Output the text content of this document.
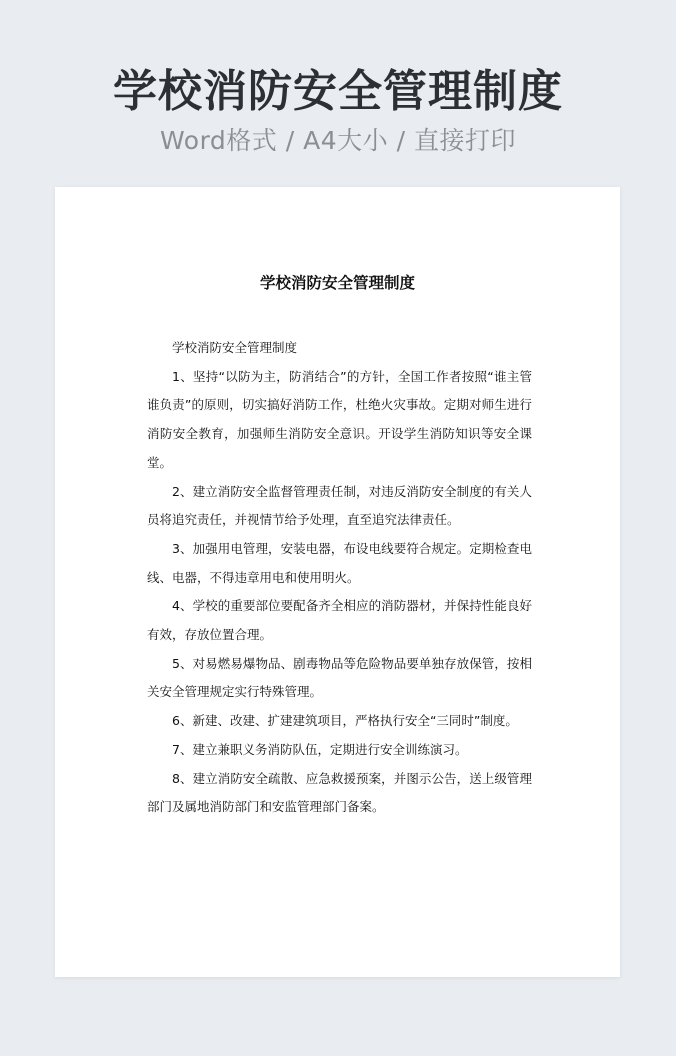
学校消防安全管理制度
Word格式 / A4大小 / 直接打印
学校消防安全管理制度

学校消防安全管理制度

1、坚持“以防为主，防消结合”的方针，全国工作者按照“谁主管谁负责”的原则，切实搞好消防工作，杜绝火灾事故。定期对师生进行消防安全教育，加强师生消防安全意识。开设学生消防知识等安全课堂。

2、建立消防安全监督管理责任制，对违反消防安全制度的有关人员将追究责任，并视情节给予处理，直至追究法律责任。

3、加强用电管理，安装电器，布设电线要符合规定。定期检查电线、电器，不得违章用电和使用明火。

4、学校的重要部位要配备齐全相应的消防器材，并保持性能良好有效，存放位置合理。

5、对易燃易爆物品、剧毒物品等危险物品要单独存放保管，按相关安全管理规定实行特殊管理。

6、新建、改建、扩建建筑项目，严格执行安全“三同时”制度。

7、建立兼职义务消防队伍，定期进行安全训练演习。

8、建立消防安全疏散、应急救援预案，并图示公告，送上级管理部门及属地消防部门和安监管理部门备案。
